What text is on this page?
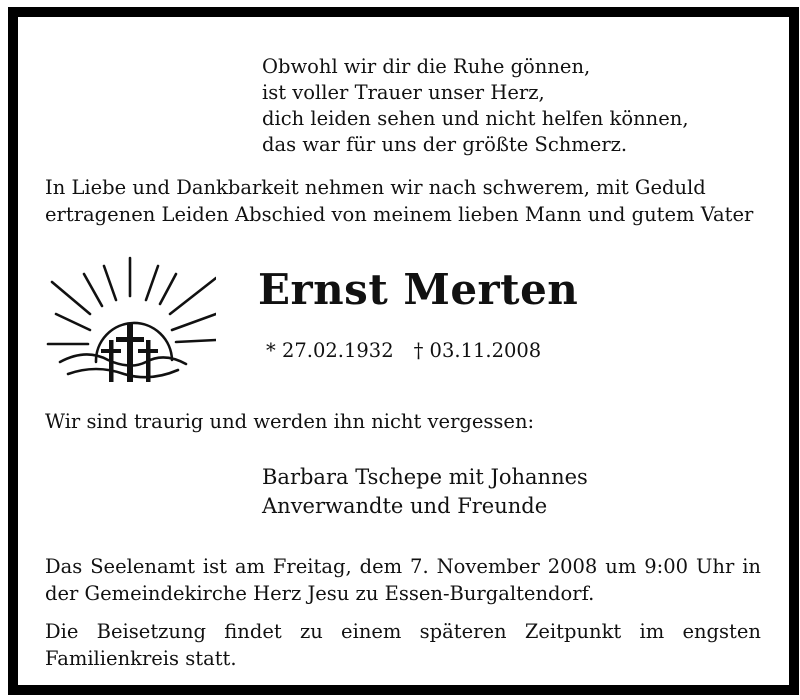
Obwohl wir dir die Ruhe gönnen,
ist voller Trauer unser Herz,
dich leiden sehen und nicht helfen können,
das war für uns der größte Schmerz.
In Liebe und Dankbarkeit nehmen wir nach schwerem, mit Geduld
ertragenen Leiden Abschied von meinem lieben Mann und gutem Vater
Ernst Merten
* 27.02.1932 † 03.11.2008
Wir sind traurig und werden ihn nicht vergessen:
Barbara Tschepe mit Johannes
Anverwandte und Freunde
Das Seelenamt ist am Freitag, dem 7. November 2008 um 9:00 Uhr in
der Gemeindekirche Herz Jesu zu Essen-Burgaltendorf.
Die Beisetzung findet zu einem späteren Zeitpunkt im engsten
Familienkreis statt.
